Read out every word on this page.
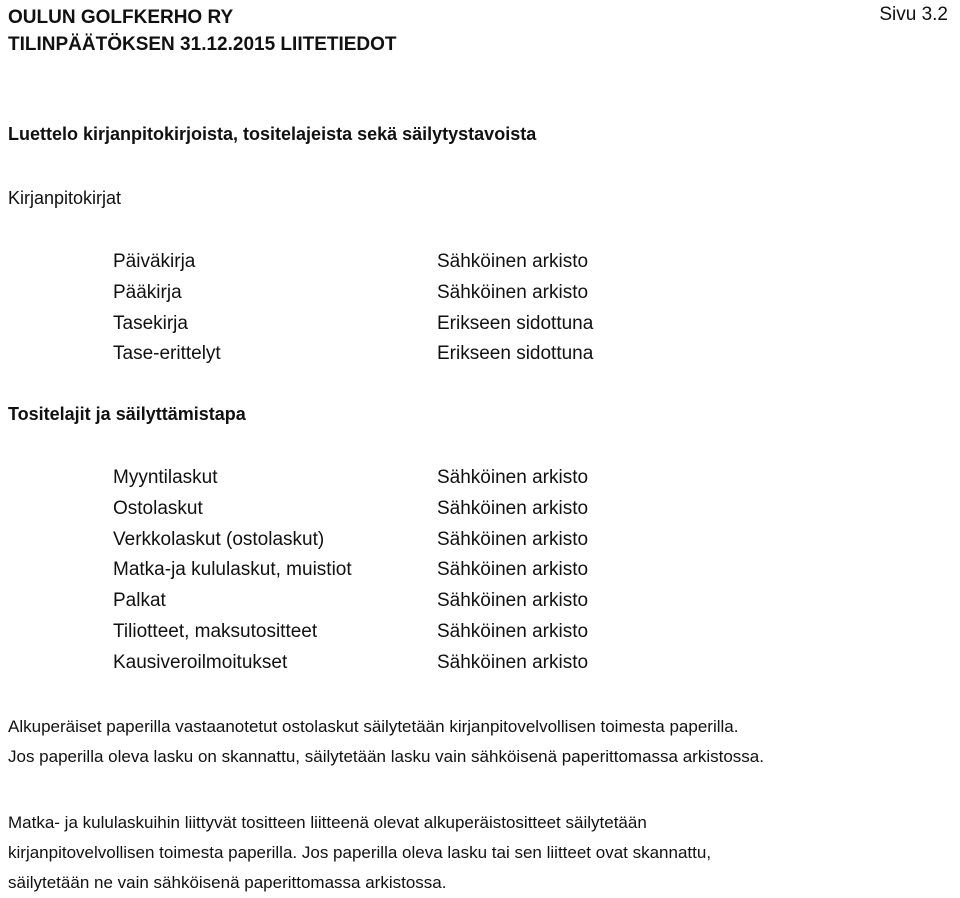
OULUN GOLFKERHO RY
TILINPÄÄTÖKSEN 31.12.2015 LIITETIEDOT
Sivu 3.2
Luettelo kirjanpitokirjoista, tositelajeista sekä säilytystavoista
Kirjanpitokirjat
Päiväkirja	Sähköinen arkisto
Pääkirja	Sähköinen arkisto
Tasekirja	Erikseen sidottuna
Tase-erittelyt	Erikseen sidottuna
Tositelajit ja säilyttämistapa
Myyntilaskut	Sähköinen arkisto
Ostolaskut	Sähköinen arkisto
Verkkolaskut (ostolaskut)	Sähköinen arkisto
Matka-ja kululaskut, muistiot	Sähköinen arkisto
Palkat	Sähköinen arkisto
Tiliotteet, maksutositteet	Sähköinen arkisto
Kausiveroilmoitukset	Sähköinen arkisto
Alkuperäiset paperilla vastaanotetut ostolaskut säilytetään kirjanpitovelvollisen toimesta paperilla.
Jos paperilla oleva lasku on skannattu, säilytetään lasku vain sähköisenä paperittomassa arkistossa.
Matka- ja kululaskuihin liittyvät tositteen liitteenä olevat alkuperäistositteet säilytetään
kirjanpitovelvollisen toimesta paperilla. Jos paperilla oleva lasku tai sen liitteet ovat skannattu,
säilytetään ne vain sähköisenä paperittomassa arkistossa.
